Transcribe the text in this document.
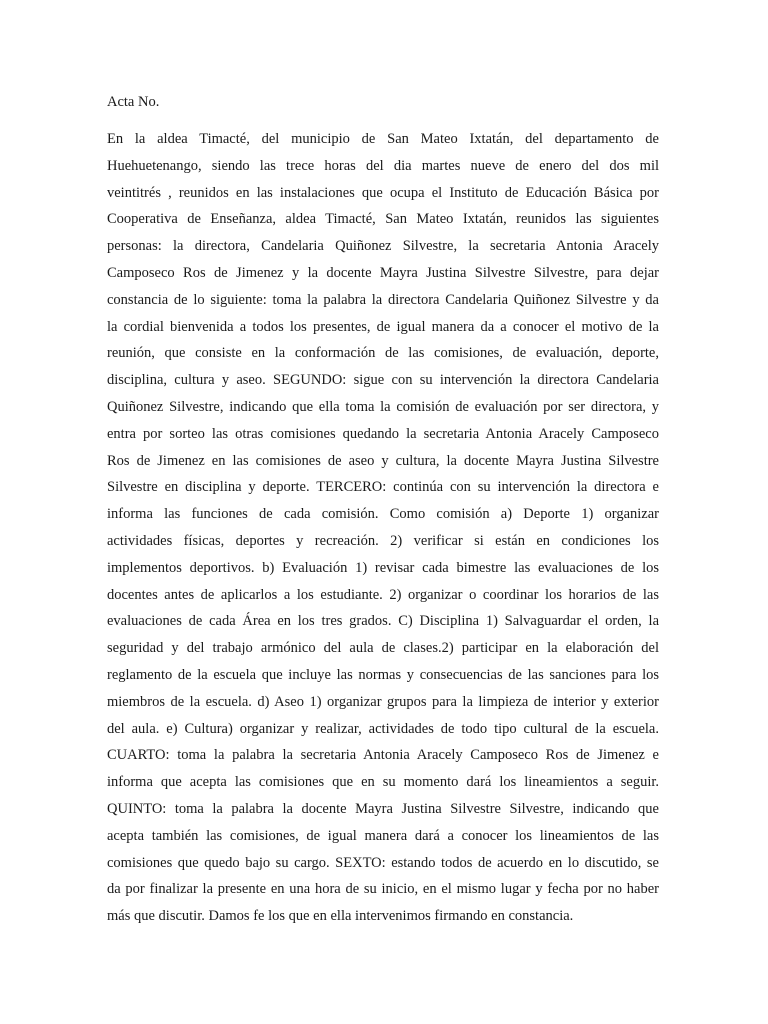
Acta No.
En la aldea Timacté, del municipio de San Mateo Ixtatán, del departamento de
Huehuetenango, siendo las trece horas del dia martes nueve de enero del dos mil
veintitrés , reunidos en las instalaciones que ocupa el Instituto de Educación Básica por
Cooperativa de Enseñanza, aldea Timacté, San Mateo Ixtatán, reunidos las siguientes
personas: la directora, Candelaria Quiñonez Silvestre, la secretaria Antonia Aracely
Camposeco Ros de Jimenez y la docente Mayra Justina Silvestre Silvestre, para dejar
constancia de lo siguiente: toma la palabra la directora Candelaria Quiñonez Silvestre y da
la cordial bienvenida a todos los presentes, de igual manera da a conocer el motivo de la
reunión, que consiste en la conformación de las comisiones, de evaluación, deporte,
disciplina, cultura y aseo. SEGUNDO: sigue con su intervención la directora Candelaria
Quiñonez Silvestre, indicando que ella toma la comisión de evaluación por ser directora, y
entra por sorteo las otras comisiones quedando la secretaria Antonia Aracely Camposeco
Ros de Jimenez en las comisiones de aseo y cultura, la docente Mayra Justina Silvestre
Silvestre en disciplina y deporte. TERCERO: continúa con su intervención la directora e
informa las funciones de cada comisión. Como comisión a) Deporte 1) organizar
actividades físicas, deportes y recreación. 2) verificar si están en condiciones los
implementos deportivos. b) Evaluación 1) revisar cada bimestre las evaluaciones de los
docentes antes de aplicarlos a los estudiante. 2) organizar o coordinar los horarios de las
evaluaciones de cada Área en los tres grados. C) Disciplina 1) Salvaguardar el orden, la
seguridad y del trabajo armónico del aula de clases.2) participar en la elaboración del
reglamento de la escuela que incluye las normas y consecuencias de las sanciones para los
miembros de la escuela. d) Aseo 1) organizar grupos para la limpieza de interior y exterior
del aula. e) Cultura) organizar y realizar, actividades de todo tipo cultural de la escuela.
CUARTO: toma la palabra la secretaria Antonia Aracely Camposeco Ros de Jimenez e
informa que acepta las comisiones que en su momento dará los lineamientos a seguir.
QUINTO: toma la palabra la docente Mayra Justina Silvestre Silvestre, indicando que
acepta también las comisiones, de igual manera dará a conocer los lineamientos de las
comisiones que quedo bajo su cargo. SEXTO: estando todos de acuerdo en lo discutido, se
da por finalizar la presente en una hora de su inicio, en el mismo lugar y fecha por no haber
más que discutir. Damos fe los que en ella intervenimos firmando en constancia.
